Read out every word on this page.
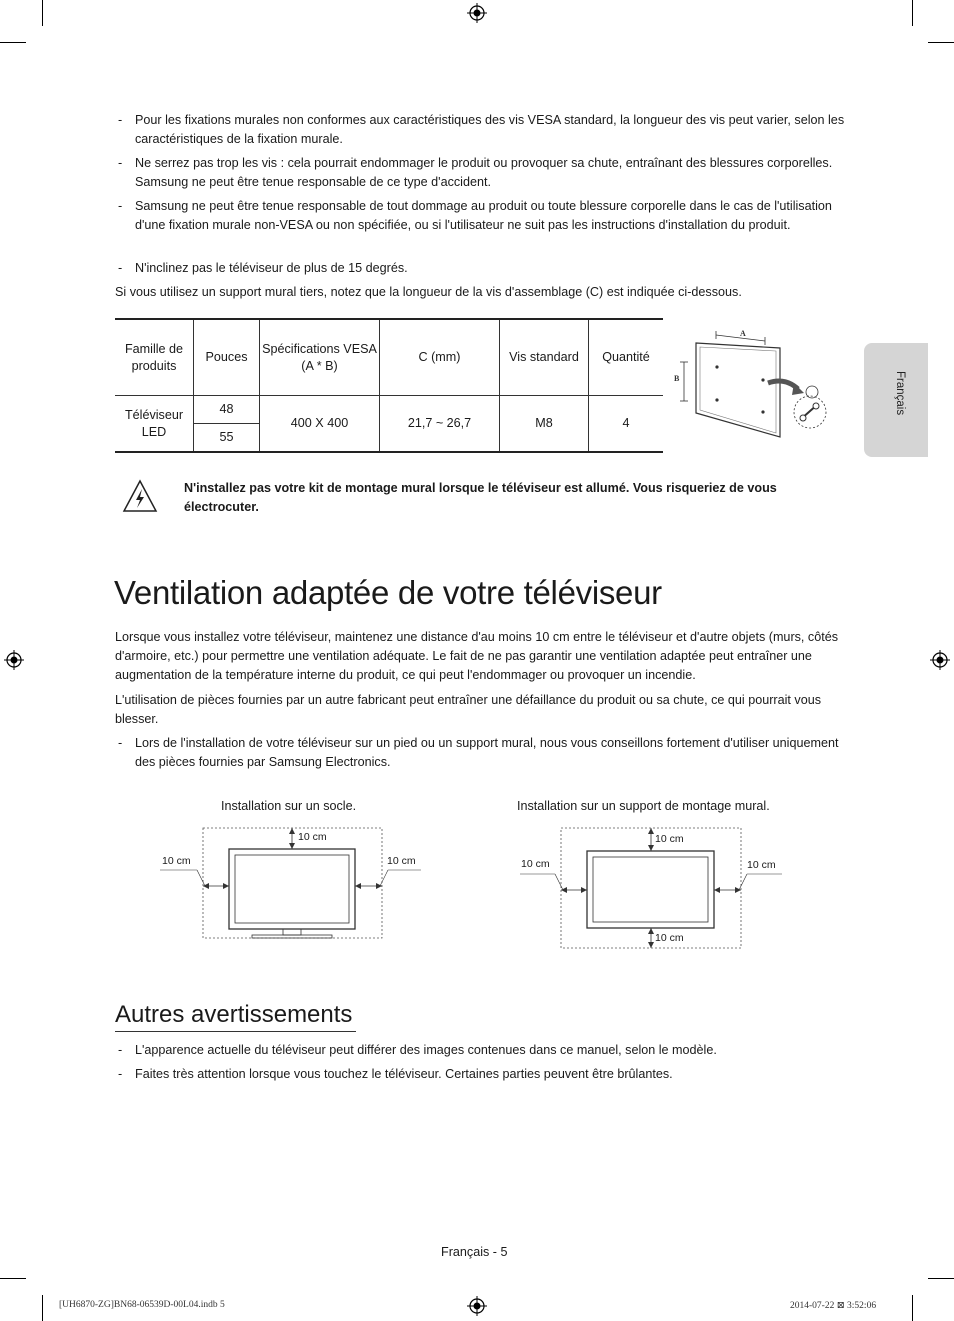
- Pour les fixations murales non conformes aux caractéristiques des vis VESA standard, la longueur des vis peut varier, selon les caractéristiques de la fixation murale.
- Ne serrez pas trop les vis : cela pourrait endommager le produit ou provoquer sa chute, entraînant des blessures corporelles. Samsung ne peut être tenue responsable de ce type d'accident.
- Samsung ne peut être tenue responsable de tout dommage au produit ou toute blessure corporelle dans le cas de l'utilisation d'une fixation murale non-VESA ou non spécifiée, ou si l'utilisateur ne suit pas les instructions d'installation du produit.
- N'inclinez pas le téléviseur de plus de 15 degrés.
Si vous utilisez un support mural tiers, notez que la longueur de la vis d'assemblage (C) est indiquée ci-dessous.
Famille de produits	Pouces	Spécifications VESA (A * B)	C (mm)	Vis standard	Quantité
Téléviseur LED	48	400 X 400	21,7 ~ 26,7	M8	4
	55				
A
B
N'installez pas votre kit de montage mural lorsque le téléviseur est allumé. Vous risqueriez de vous électrocuter.
Ventilation adaptée de votre téléviseur
Lorsque vous installez votre téléviseur, maintenez une distance d'au moins 10 cm entre le téléviseur et d'autre objets (murs, côtés d'armoire, etc.) pour permettre une ventilation adéquate. Le fait de ne pas garantir une ventilation adaptée peut entraîner une augmentation de la température interne du produit, ce qui peut l'endommager ou provoquer un incendie.
L'utilisation de pièces fournies par un autre fabricant peut entraîner une défaillance du produit ou sa chute, ce qui pourrait vous blesser.
- Lors de l'installation de votre téléviseur sur un pied ou un support mural, nous vous conseillons fortement d'utiliser uniquement des pièces fournies par Samsung Electronics.
Installation sur un socle.	Installation sur un support de montage mural.
10 cm
10 cm	10 cm
10 cm
10 cm	10 cm
10 cm
Autres avertissements
- L'apparence actuelle du téléviseur peut différer des images contenues dans ce manuel, selon le modèle.
- Faites très attention lorsque vous touchez le téléviseur. Certaines parties peuvent être brûlantes.
Français
Français - 5
[UH6870-ZG]BN68-06539D-00L04.indb 5	2014-07-22 ⊠ 3:52:06
